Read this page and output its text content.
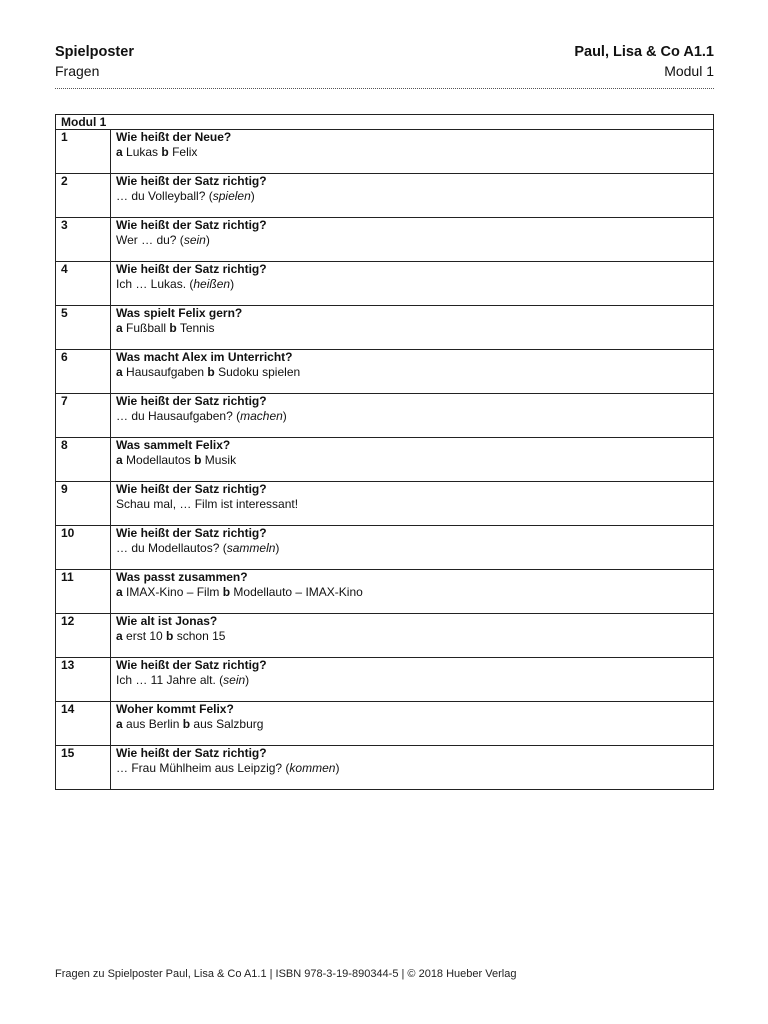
Spielposter
Fragen
Paul, Lisa & Co A1.1
Modul 1
Modul 1	
1	Wie heißt der Neue?
a Lukas b Felix

2	Wie heißt der Satz richtig?
… du Volleyball? (spielen)

3	Wie heißt der Satz richtig?
Wer … du? (sein)

4	Wie heißt der Satz richtig?
Ich … Lukas. (heißen)

5	Was spielt Felix gern?
a Fußball b Tennis

6	Was macht Alex im Unterricht?
a Hausaufgaben b Sudoku spielen

7	Wie heißt der Satz richtig?
… du Hausaufgaben? (machen)

8	Was sammelt Felix?
a Modellautos b Musik

9	Wie heißt der Satz richtig?
Schau mal, … Film ist interessant!

10	Wie heißt der Satz richtig?
… du Modellautos? (sammeln)

11	Was passt zusammen?
a IMAX-Kino – Film b Modellauto – IMAX-Kino

12	Wie alt ist Jonas?
a erst 10 b schon 15

13	Wie heißt der Satz richtig?
Ich … 11 Jahre alt. (sein)

14	Woher kommt Felix?
a aus Berlin b aus Salzburg

15	Wie heißt der Satz richtig?
… Frau Mühlheim aus Leipzig? (kommen)
Fragen zu Spielposter Paul, Lisa & Co A1.1 | ISBN 978-3-19-890344-5 | © 2018 Hueber Verlag
